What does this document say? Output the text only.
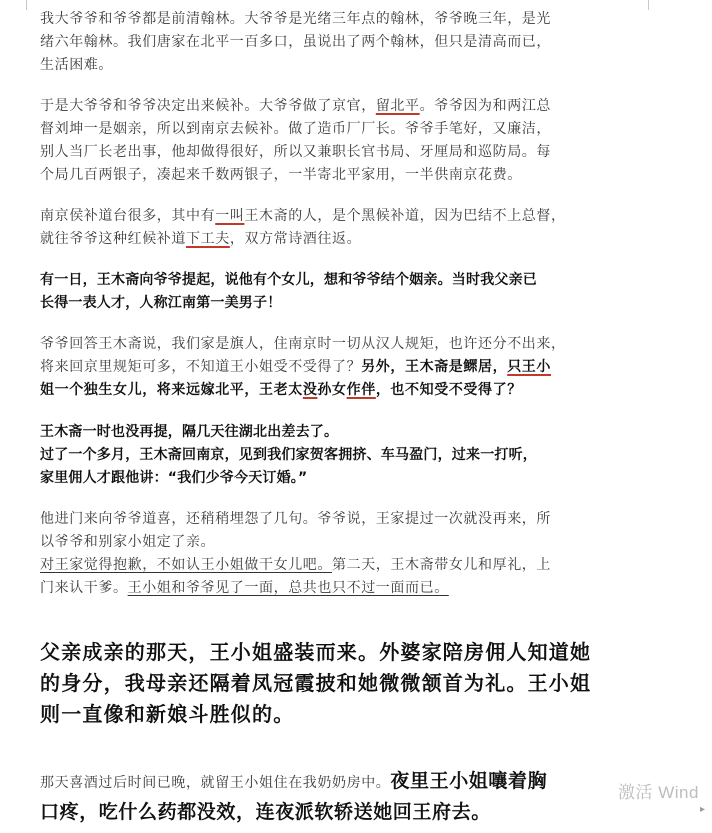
我大爷爷和爷爷都是前清翰林。大爷爷是光绪三年点的翰林，爷爷晚三年，是光
绪六年翰林。我们唐家在北平一百多口，虽说出了两个翰林，但只是清高而已，
生活困难。
于是大爷爷和爷爷决定出来候补。大爷爷做了京官，留北平。爷爷因为和两江总
督刘坤一是姻亲，所以到南京去候补。做了造币厂厂长。爷爷手笔好，又廉洁，
别人当厂长老出事，他却做得很好，所以又兼职长官书局、牙厘局和巡防局。每
个局几百两银子，凑起来千数两银子，一半寄北平家用，一半供南京花费。
南京侯补道台很多，其中有一叫王木斋的人，是个黑候补道，因为巴结不上总督，
就往爷爷这种红候补道下工夫，双方常诗酒往返。
有一日，王木斋向爷爷提起，说他有个女儿，想和爷爷结个姻亲。当时我父亲已
长得一表人才，人称江南第一美男子！
爷爷回答王木斋说，我们家是旗人，住南京时一切从汉人规矩，也许还分不出来，
将来回京里规矩可多，不知道王小姐受不受得了？另外，王木斋是鳏居，只王小
姐一个独生女儿，将来远嫁北平，王老太没孙女作伴，也不知受不受得了？
王木斋一时也没再提，隔几天往湖北出差去了。
过了一个多月，王木斋回南京，见到我们家贺客拥挤、车马盈门，过来一打听，
家里佣人才跟他讲：“我们少爷今天订婚。”
他进门来向爷爷道喜，还稍稍埋怨了几句。爷爷说，王家提过一次就没再来，所
以爷爷和别家小姐定了亲。
对王家觉得抱歉，不如认王小姐做干女儿吧。第二天，王木斋带女儿和厚礼，上
门来认干爹。王小姐和爷爷见了一面，总共也只不过一面而已。
父亲成亲的那天，王小姐盛装而来。外婆家陪房佣人知道她
的身分，我母亲还隔着凤冠霞披和她微微颔首为礼。王小姐
则一直像和新娘斗胜似的。
那天喜酒过后时间已晚，就留王小姐住在我奶奶房中。夜里王小姐嚷着胸
口疼，吃什么药都没效，连夜派软轿送她回王府去。
激活 Wind
▸
